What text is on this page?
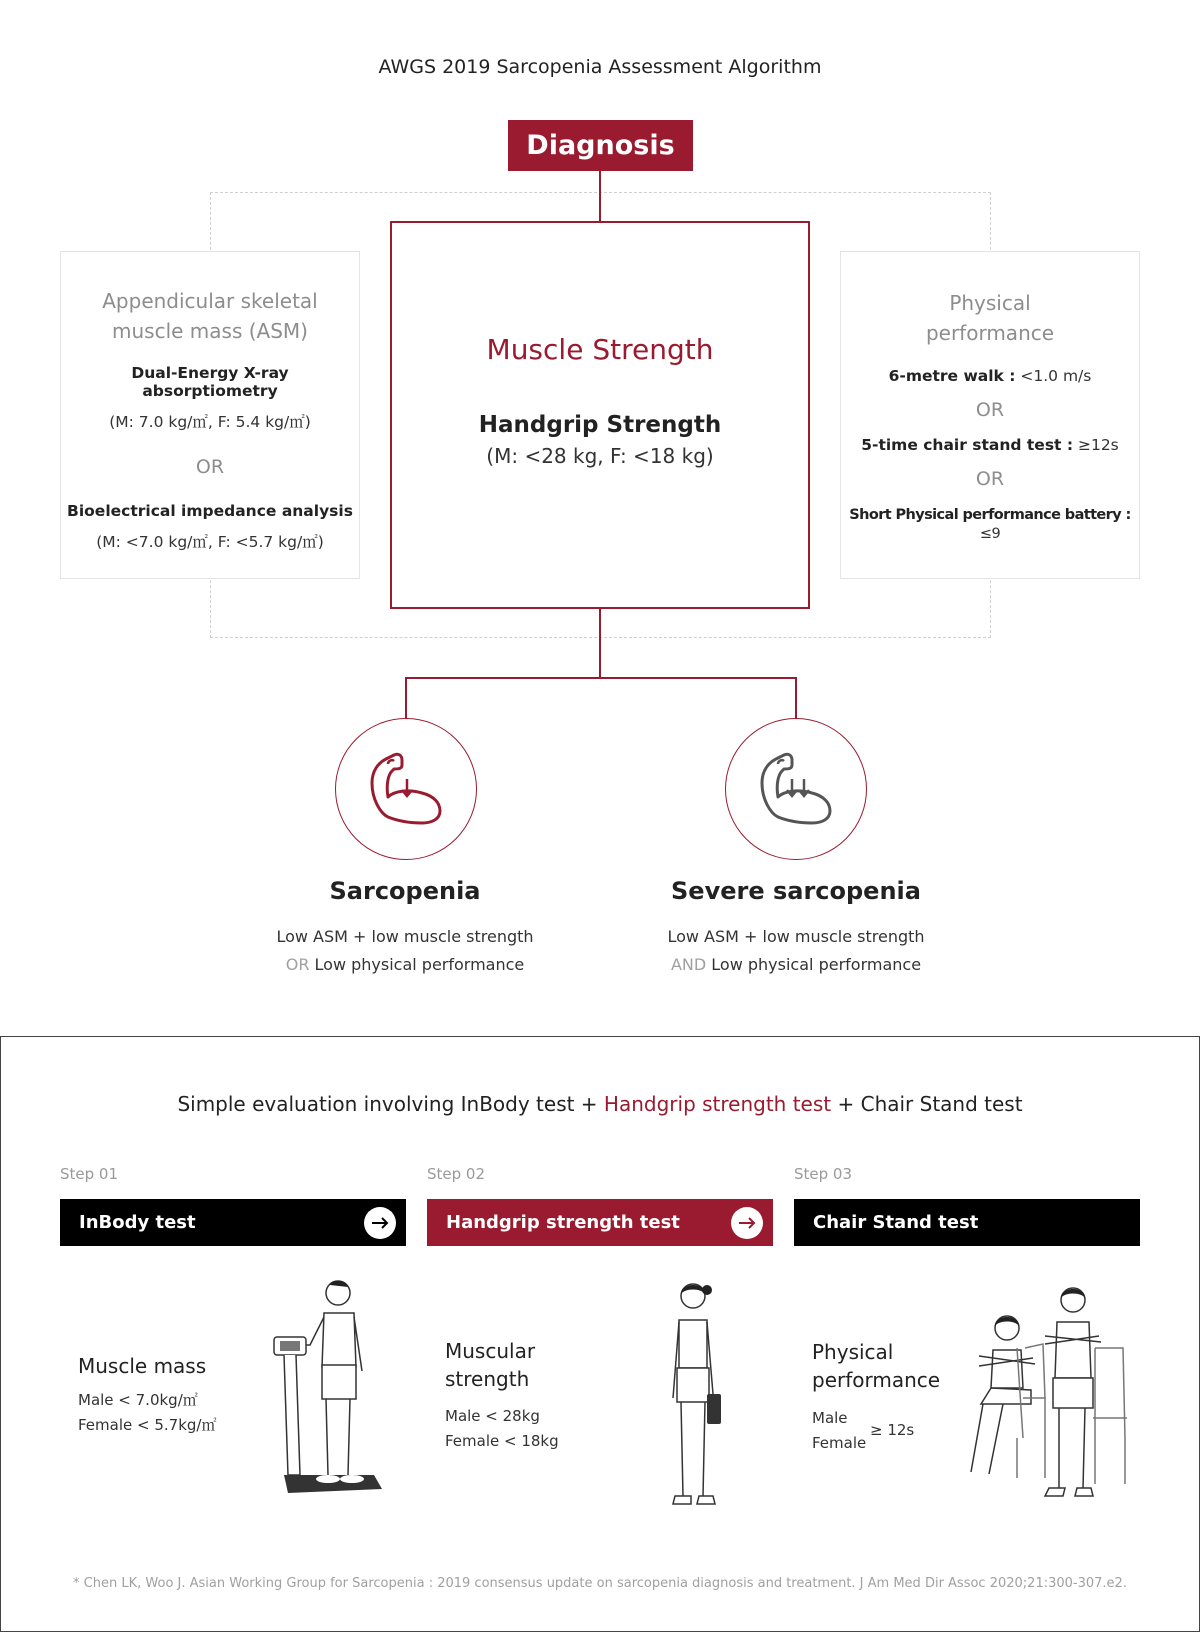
AWGS 2019 Sarcopenia Assessment Algorithm
Diagnosis
Appendicular skeletal
muscle mass (ASM)
Dual-Energy X-ray absorptiometry
(M: 7.0 kg/㎡, F: 5.4 kg/㎡)
OR
Bioelectrical impedance analysis
(M: <7.0 kg/㎡, F: <5.7 kg/㎡)
Muscle Strength
Handgrip Strength
(M: <28 kg, F: <18 kg)
Physical
performance
6-metre walk : <1.0 m/s
OR
5-time chair stand test : ≥12s
OR
Short Physical performance battery : ≤9
Sarcopenia
Low ASM + low muscle strength
OR Low physical performance
Severe sarcopenia
Low ASM + low muscle strength
AND Low physical performance
Simple evaluation involving InBody test + Handgrip strength test + Chair Stand test
Step 01
InBody test
Muscle mass
Male < 7.0kg/㎡
Female < 5.7kg/㎡
Step 02
Handgrip strength test
Muscular
strength
Male < 28kg
Female < 18kg
Step 03
Chair Stand test
Physical
performance
Male
Female
≥ 12s
* Chen LK, Woo J. Asian Working Group for Sarcopenia : 2019 consensus update on sarcopenia diagnosis and treatment. J Am Med Dir Assoc 2020;21:300-307.e2.
